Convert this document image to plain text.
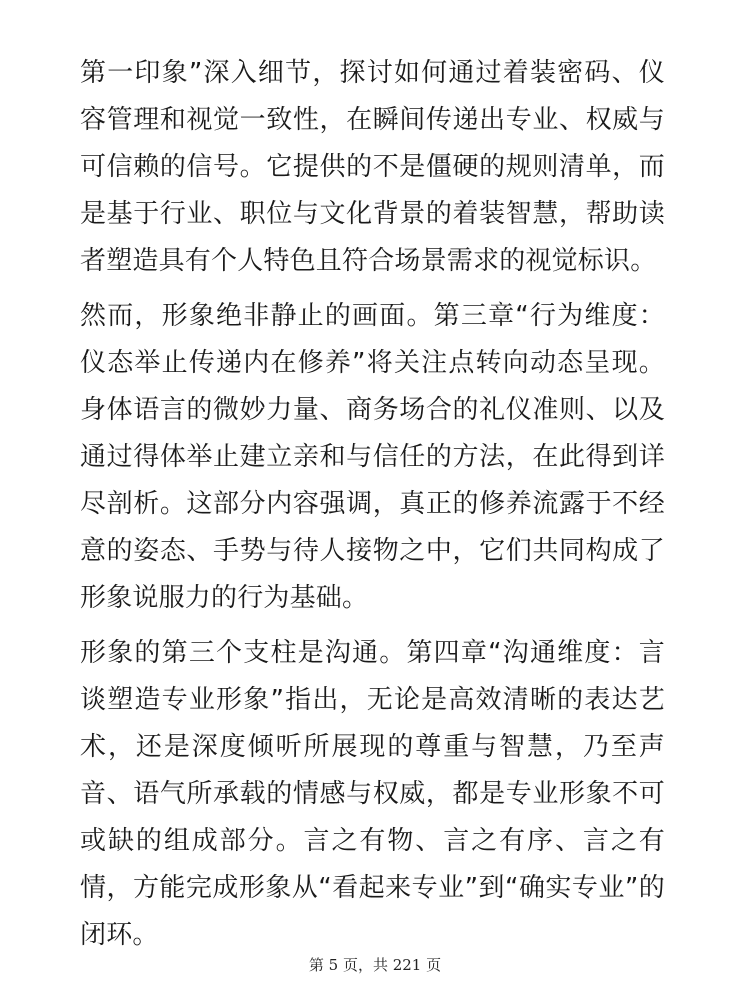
第一印象”深入细节，探讨如何通过着装密码、仪容管理和视觉一致性，在瞬间传递出专业、权威与可信赖的信号。它提供的不是僵硬的规则清单，而是基于行业、职位与文化背景的着装智慧，帮助读者塑造具有个人特色且符合场景需求的视觉标识。

然而，形象绝非静止的画面。第三章“行为维度：仪态举止传递内在修养”将关注点转向动态呈现。身体语言的微妙力量、商务场合的礼仪准则、以及通过得体举止建立亲和与信任的方法，在此得到详尽剖析。这部分内容强调，真正的修养流露于不经意的姿态、手势与待人接物之中，它们共同构成了形象说服力的行为基础。

形象的第三个支柱是沟通。第四章“沟通维度：言谈塑造专业形象”指出，无论是高效清晰的表达艺术，还是深度倾听所展现的尊重与智慧，乃至声音、语气所承载的情感与权威，都是专业形象不可或缺的组成部分。言之有物、言之有序、言之有情，方能完成形象从“看起来专业”到“确实专业”的闭环。

第 5 页，共 221 页
